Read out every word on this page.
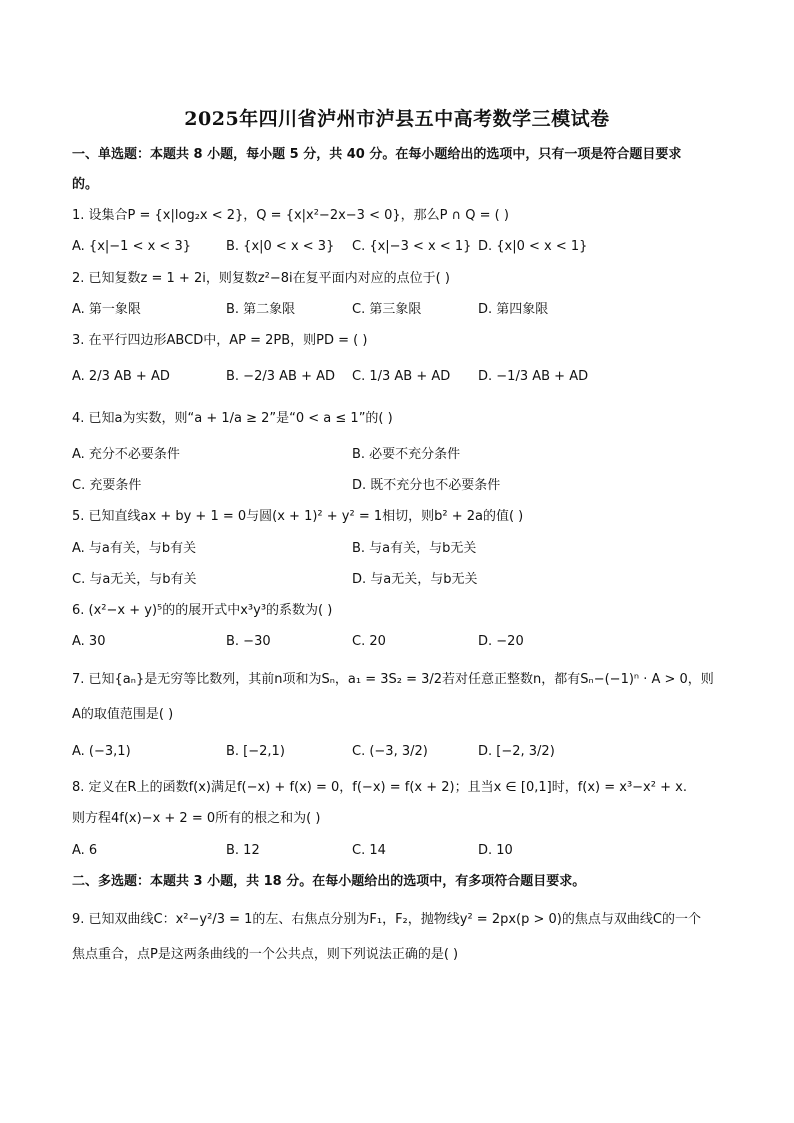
2025年四川省泸州市泸县五中高考数学三模试卷
一、单选题：本题共 8 小题，每小题 5 分，共 40 分。在每小题给出的选项中，只有一项是符合题目要求
的。
1. 设集合P = {x|log₂x < 2}，Q = {x|x²−2x−3 < 0}，那么P ∩ Q = ( )
A. {x|−1 < x < 3}	B. {x|0 < x < 3} C. {x|−3 < x < 1} D. {x|0 < x < 1}
2. 已知复数z = 1 + 2i，则复数z²−8i在复平面内对应的点位于( )
A. 第一象限	B. 第二象限	C. 第三象限	D. 第四象限
3. 在平行四边形ABCD中，AP = 2PB，则PD = ( )
A. 2/3 AB + AD	B. −2/3 AB + AD C. 1/3 AB + AD D. −1/3 AB + AD
4. 已知a为实数，则“a + 1/a ≥ 2”是“0 < a ≤ 1”的( )
A. 充分不必要条件	B. 必要不充分条件
C. 充要条件	D. 既不充分也不必要条件
5. 已知直线ax + by + 1 = 0与圆(x + 1)² + y² = 1相切，则b² + 2a的值( )
A. 与a有关，与b有关	B. 与a有关，与b无关
C. 与a无关，与b有关	D. 与a无关，与b无关
6. (x²−x + y)⁵的的展开式中x³y³的系数为( )
A. 30	B. −30	C. 20	D. −20
7. 已知{aₙ}是无穷等比数列，其前n项和为Sₙ，a₁ = 3S₂ = 3/2若对任意正整数n，都有Sₙ−(−1)ⁿ · A > 0，则
A的取值范围是( )
A. (−3,1)	B. [−2,1)	C. (−3, 3/2)	D. [−2, 3/2)
8. 定义在R上的函数f(x)满足f(−x) + f(x) = 0，f(−x) = f(x + 2)；且当x ∈ [0,1]时，f(x) = x³−x² + x.
则方程4f(x)−x + 2 = 0所有的根之和为( )
A. 6	B. 12	C. 14	D. 10
二、多选题：本题共 3 小题，共 18 分。在每小题给出的选项中，有多项符合题目要求。
9. 已知双曲线C：x²−y²/3 = 1的左、右焦点分别为F₁，F₂，抛物线y² = 2px(p > 0)的焦点与双曲线C的一个
焦点重合，点P是这两条曲线的一个公共点，则下列说法正确的是( )
